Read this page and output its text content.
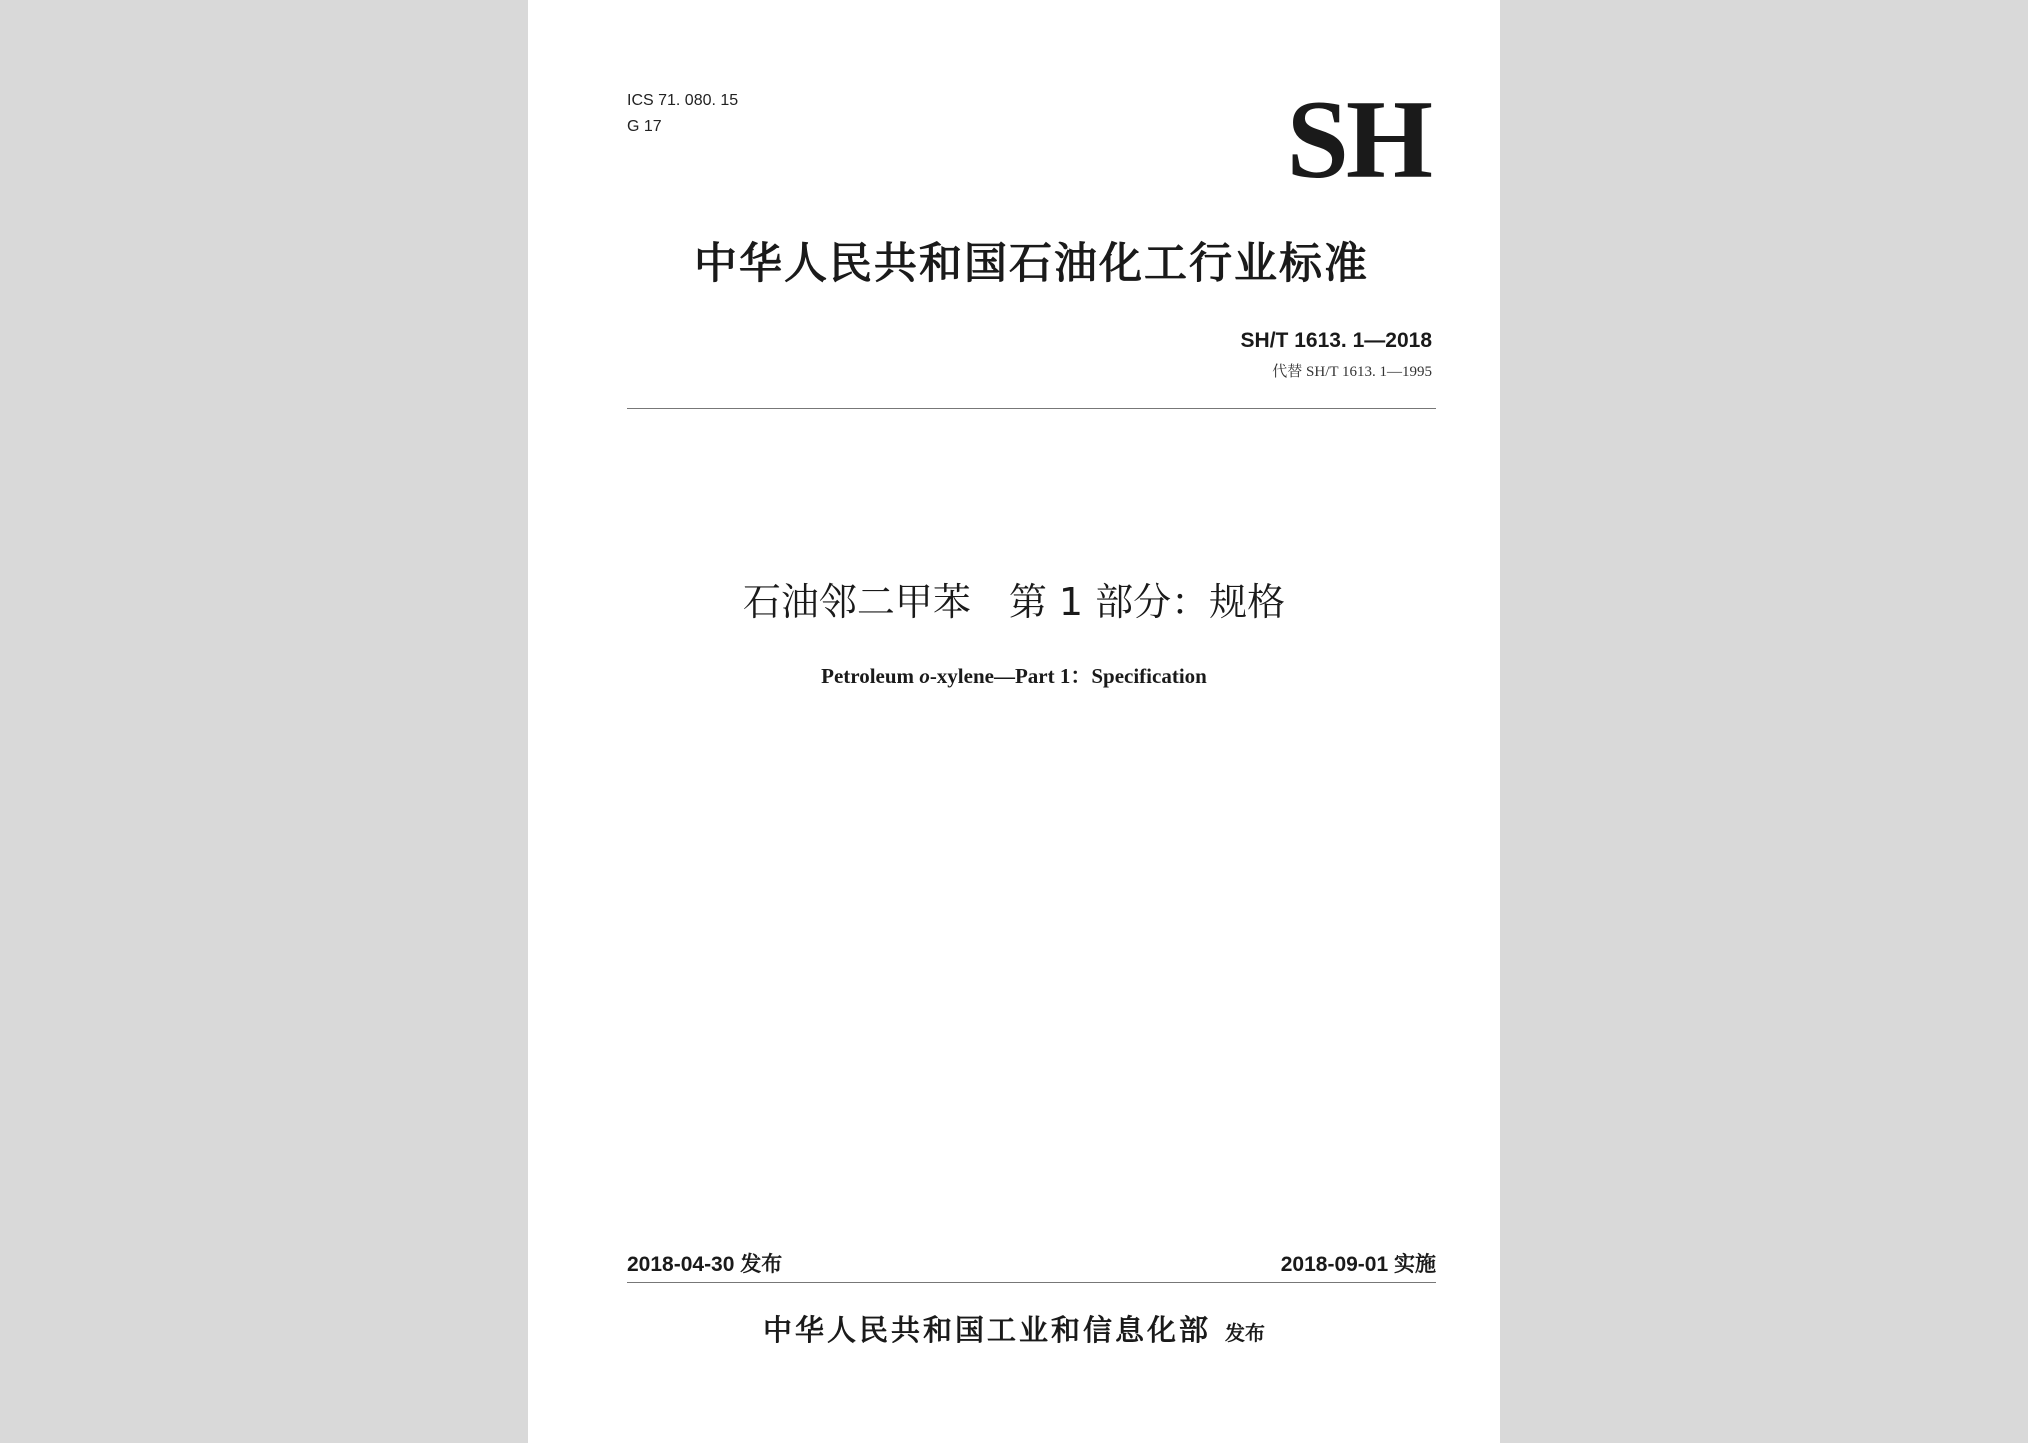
ICS 71. 080. 15
G 17	SH
中华人民共和国石油化工行业标准
SH/T 1613. 1—2018
代替 SH/T 1613. 1—1995
石油邻二甲苯　第 1 部分：规格
Petroleum o-xylene—Part 1：Specification
2018-04-30 发布	2018-09-01 实施
中华人民共和国工业和信息化部 发布
